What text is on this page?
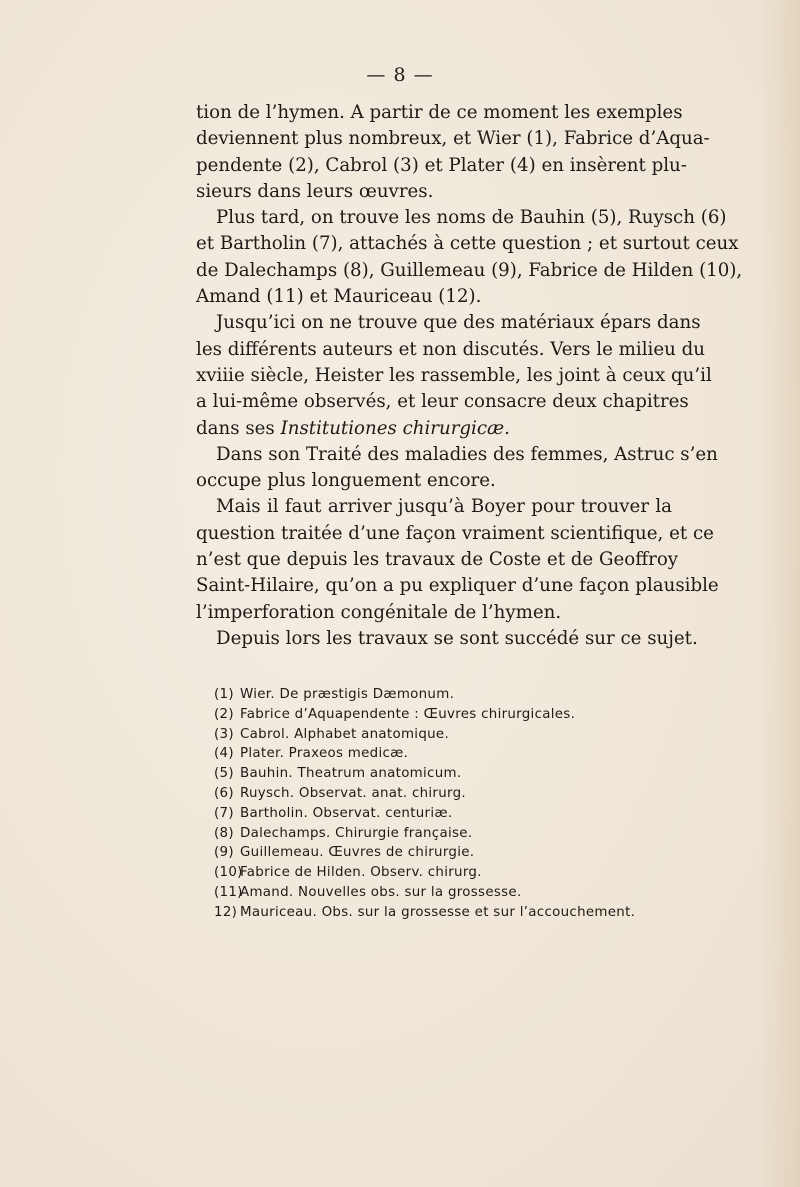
— 8 —
tion de l’hymen. A partir de ce moment les exemples
deviennent plus nombreux, et Wier (1), Fabrice d’Aqua-
pendente (2), Cabrol (3) et Plater (4) en insèrent plu-
sieurs dans leurs œuvres.
Plus tard, on trouve les noms de Bauhin (5), Ruysch (6)
et Bartholin (7), attachés à cette question ; et surtout ceux
de Dalechamps (8), Guillemeau (9), Fabrice de Hilden (10),
Amand (11) et Mauriceau (12).
Jusqu’ici on ne trouve que des matériaux épars dans
les différents auteurs et non discutés. Vers le milieu du
xviiie siècle, Heister les rassemble, les joint à ceux qu’il
a lui-même observés, et leur consacre deux chapitres
dans ses Institutiones chirurgicæ.
Dans son Traité des maladies des femmes, Astruc s’en
occupe plus longuement encore.
Mais il faut arriver jusqu’à Boyer pour trouver la
question traitée d’une façon vraiment scientifique, et ce
n’est que depuis les travaux de Coste et de Geoffroy
Saint-Hilaire, qu’on a pu expliquer d’une façon plausible
l’imperforation congénitale de l’hymen.
Depuis lors les travaux se sont succédé sur ce sujet.
(1) Wier. De præstigis Dæmonum.
(2) Fabrice d’Aquapendente : Œuvres chirurgicales.
(3) Cabrol. Alphabet anatomique.
(4) Plater. Praxeos medicæ.
(5) Bauhin. Theatrum anatomicum.
(6) Ruysch. Observat. anat. chirurg.
(7) Bartholin. Observat. centuriæ.
(8) Dalechamps. Chirurgie française.
(9) Guillemeau. Œuvres de chirurgie.
(10)Fabrice de Hilden. Observ. chirurg.
(11)Amand. Nouvelles obs. sur la grossesse.
12) Mauriceau. Obs. sur la grossesse et sur l’accouchement.
